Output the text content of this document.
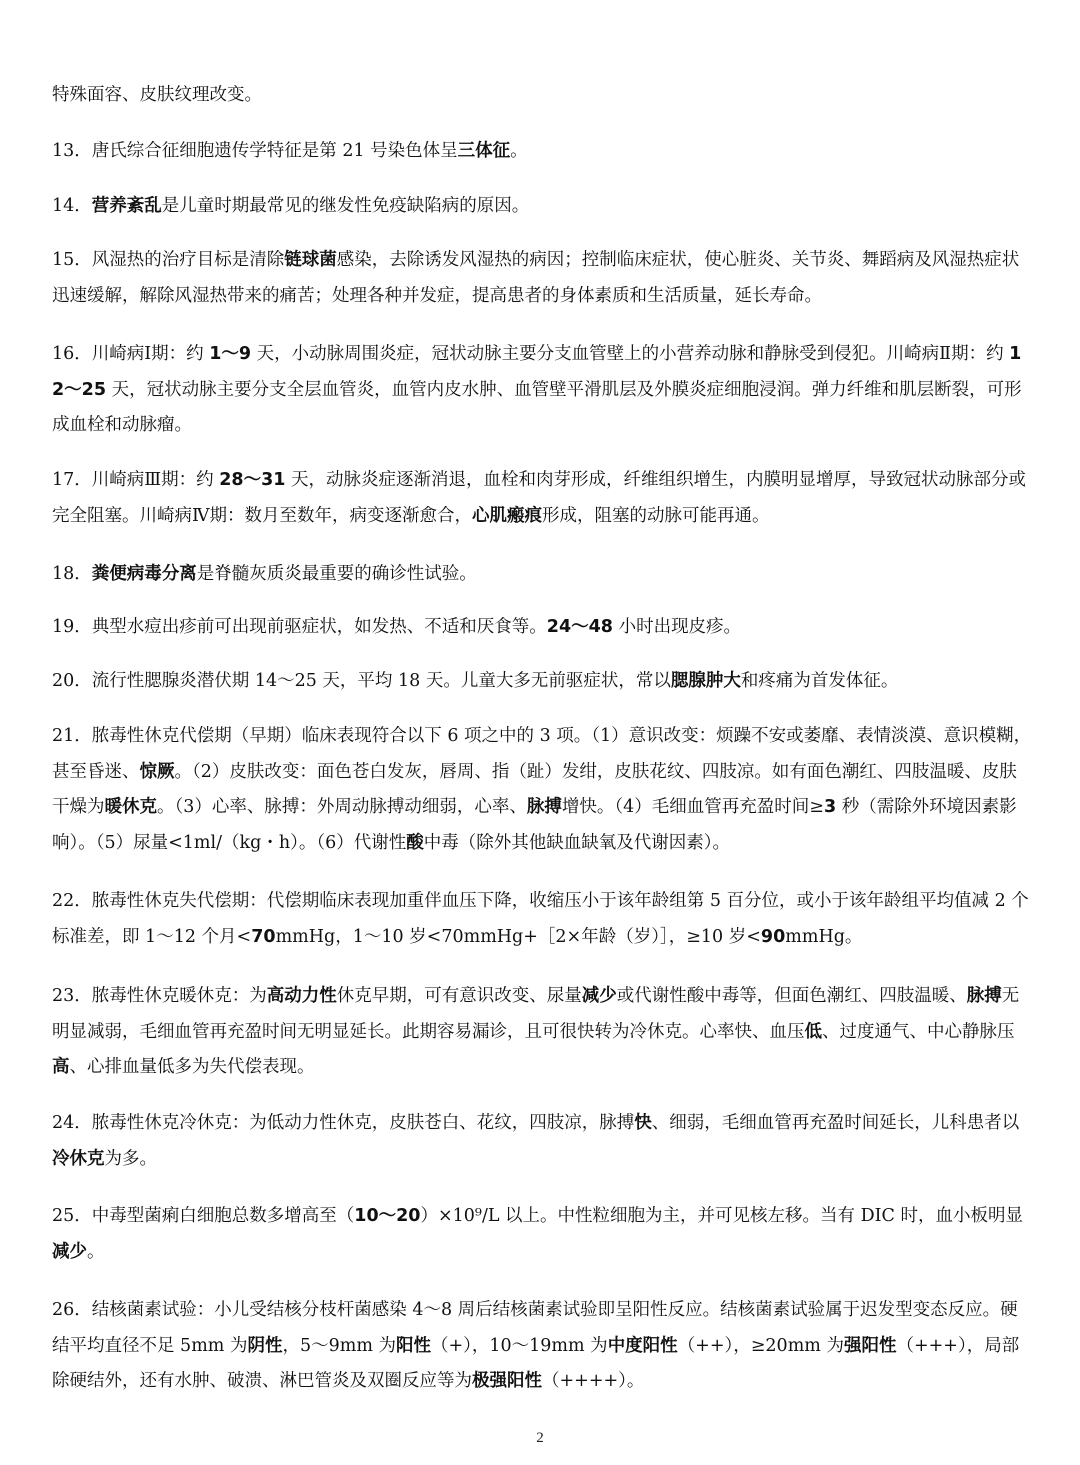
特殊面容、皮肤纹理改变。

13．唐氏综合征细胞遗传学特征是第 21 号染色体呈三体征。

14．营养紊乱是儿童时期最常见的继发性免疫缺陷病的原因。

15．风湿热的治疗目标是清除链球菌感染，去除诱发风湿热的病因；控制临床症状，使心脏炎、关节炎、舞蹈病及风湿热症状迅速缓解，解除风湿热带来的痛苦；处理各种并发症，提高患者的身体素质和生活质量，延长寿命。

16．川崎病Ⅰ期：约 1～9 天，小动脉周围炎症，冠状动脉主要分支血管壁上的小营养动脉和静脉受到侵犯。川崎病Ⅱ期：约 12～25 天，冠状动脉主要分支全层血管炎，血管内皮水肿、血管壁平滑肌层及外膜炎症细胞浸润。弹力纤维和肌层断裂，可形成血栓和动脉瘤。

17．川崎病Ⅲ期：约 28～31 天，动脉炎症逐渐消退，血栓和肉芽形成，纤维组织增生，内膜明显增厚，导致冠状动脉部分或完全阻塞。川崎病Ⅳ期：数月至数年，病变逐渐愈合，心肌瘢痕形成，阻塞的动脉可能再通。

18．粪便病毒分离是脊髓灰质炎最重要的确诊性试验。

19．典型水痘出疹前可出现前驱症状，如发热、不适和厌食等。24～48 小时出现皮疹。

20．流行性腮腺炎潜伏期 14～25 天，平均 18 天。儿童大多无前驱症状，常以腮腺肿大和疼痛为首发体征。

21．脓毒性休克代偿期（早期）临床表现符合以下 6 项之中的 3 项。（1）意识改变：烦躁不安或萎靡、表情淡漠、意识模糊，甚至昏迷、惊厥。（2）皮肤改变：面色苍白发灰，唇周、指（趾）发绀，皮肤花纹、四肢凉。如有面色潮红、四肢温暖、皮肤干燥为暖休克。（3）心率、脉搏：外周动脉搏动细弱，心率、脉搏增快。（4）毛细血管再充盈时间≥3 秒（需除外环境因素影响）。（5）尿量<1ml/（kg・h）。（6）代谢性酸中毒（除外其他缺血缺氧及代谢因素）。

22．脓毒性休克失代偿期：代偿期临床表现加重伴血压下降，收缩压小于该年龄组第 5 百分位，或小于该年龄组平均值减 2 个标准差，即 1～12 个月<70mmHg，1～10 岁<70mmHg+［2×年龄（岁）］，≥10 岁<90mmHg。

23．脓毒性休克暖休克：为高动力性休克早期，可有意识改变、尿量减少或代谢性酸中毒等，但面色潮红、四肢温暖、脉搏无明显减弱，毛细血管再充盈时间无明显延长。此期容易漏诊，且可很快转为冷休克。心率快、血压低、过度通气、中心静脉压高、心排血量低多为失代偿表现。

24．脓毒性休克冷休克：为低动力性休克，皮肤苍白、花纹，四肢凉，脉搏快、细弱，毛细血管再充盈时间延长，儿科患者以冷休克为多。

25．中毒型菌痢白细胞总数多增高至（10～20）×10⁹/L 以上。中性粒细胞为主，并可见核左移。当有 DIC 时，血小板明显减少。

26．结核菌素试验：小儿受结核分枝杆菌感染 4～8 周后结核菌素试验即呈阳性反应。结核菌素试验属于迟发型变态反应。硬结平均直径不足 5mm 为阴性，5～9mm 为阳性（+），10～19mm 为中度阳性（++），≥20mm 为强阳性（+++），局部除硬结外，还有水肿、破溃、淋巴管炎及双圈反应等为极强阳性（++++）。

2
